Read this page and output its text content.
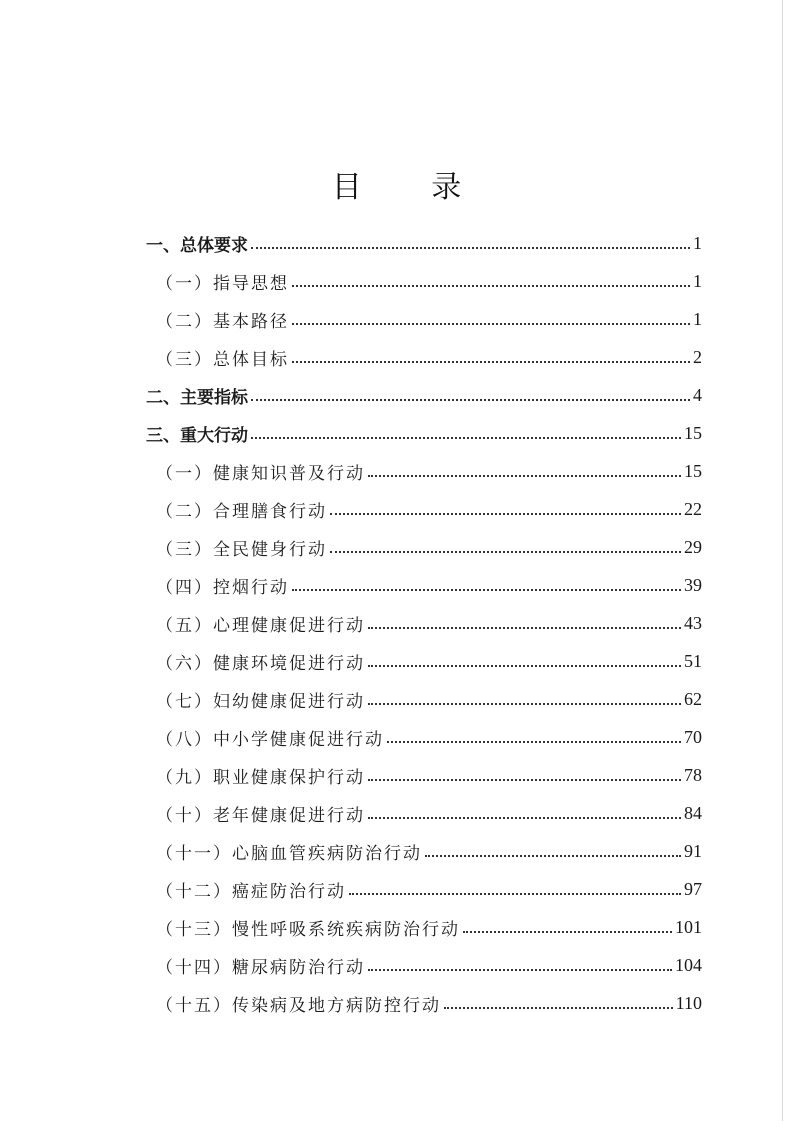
目 录
一、总体要求	1
（一）指导思想	1
（二）基本路径	1
（三）总体目标	2
二、主要指标	4
三、重大行动	15
（一）健康知识普及行动	15
（二）合理膳食行动	22
（三）全民健身行动	29
（四）控烟行动	39
（五）心理健康促进行动	43
（六）健康环境促进行动	51
（七）妇幼健康促进行动	62
（八）中小学健康促进行动	70
（九）职业健康保护行动	78
（十）老年健康促进行动	84
（十一）心脑血管疾病防治行动	91
（十二）癌症防治行动	97
（十三）慢性呼吸系统疾病防治行动	101
（十四）糖尿病防治行动	104
（十五）传染病及地方病防控行动	110
